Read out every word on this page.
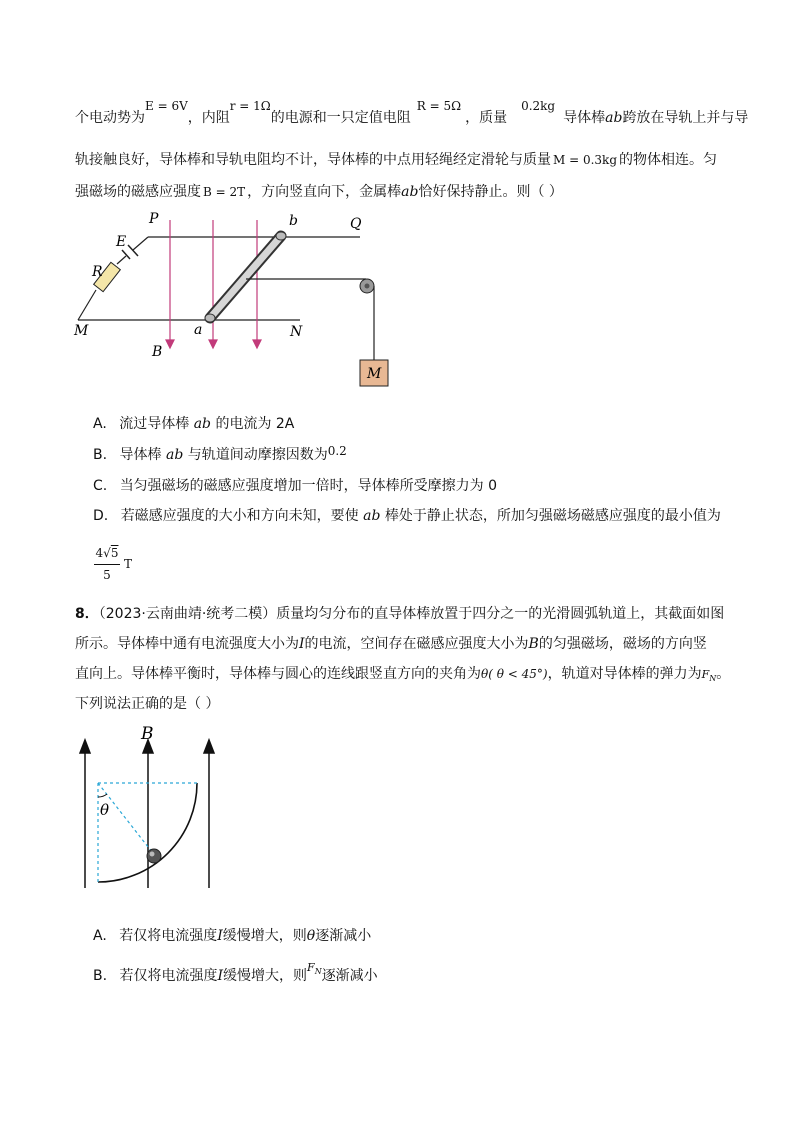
个电动势为E = 6V，内阻r = 1Ω的电源和一只定值电阻R = 5Ω，质量0.2kg导体棒ab跨放在导轨上并与导
轨接触良好，导体棒和导轨电阻均不计，导体棒的中点用轻绳经定滑轮与质量 M = 0.3kg 的物体相连。匀
强磁场的磁感应强度 B = 2T ，方向竖直向下，金属棒ab恰好保持静止。则（ ）
P	Q
b
E
R
M	a	N
B
M
A. 流过导体棒 ab 的电流为 2A
B. 导体棒 ab 与轨道间动摩擦因数为0.2
C. 当匀强磁场的磁感应强度增加一倍时，导体棒所受摩擦力为 0
D. 若磁感应强度的大小和方向未知，要使 ab 棒处于静止状态，所加匀强磁场磁感应强度的最小值为
4√5
5
T
8．（2023·云南曲靖·统考二模）质量均匀分布的直导体棒放置于四分之一的光滑圆弧轨道上，其截面如图
所示。导体棒中通有电流强度大小为I的电流，空间存在磁感应强度大小为B的匀强磁场，磁场的方向竖
直向上。导体棒平衡时，导体棒与圆心的连线跟竖直方向的夹角为θ( θ < 45°)，轨道对导体棒的弹力为$F_N$。
下列说法正确的是（ ）
B
θ
A. 若仅将电流强度I缓慢增大，则θ逐渐减小
B. 若仅将电流强度I缓慢增大，则$^{F_N}$逐渐减小
